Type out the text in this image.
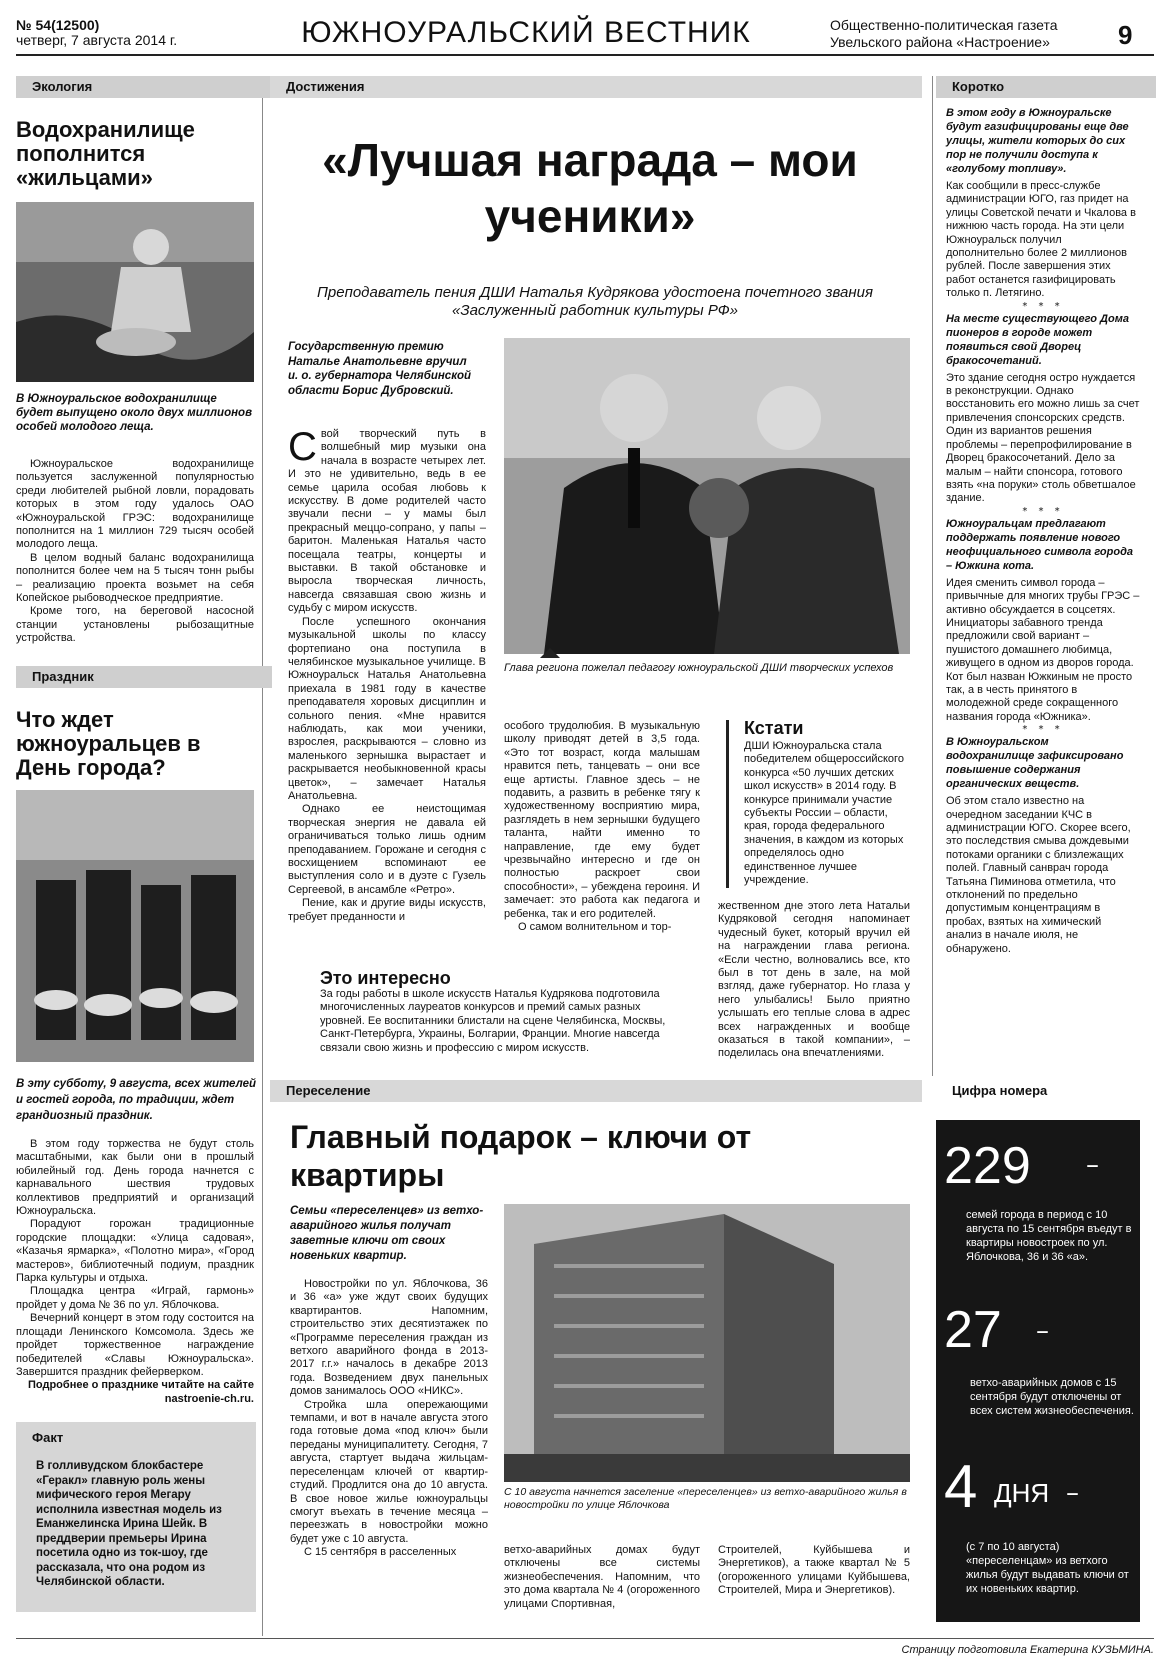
№ 54(12500)
четверг, 7 августа 2014 г.	ЮЖНОУРАЛЬСКИЙ ВЕСТНИК	Общественно-политическая газета
Увельского района «Настроение»	9
Экология
Водохранилище пополнится «жильцами»
В Южноуральское водохранилище будет выпущено около двух миллионов особей молодого леща.

Южноуральское водохранилище пользуется заслуженной популярностью среди любителей рыбной ловли, порадовать которых в этом году удалось ОАО «Южноуральской ГРЭС: водохранилище пополнится на 1 миллион 729 тысяч особей молодого леща.

В целом водный баланс водохранилища пополнится более чем на 5 тысяч тонн рыбы – реализацию проекта возьмет на себя Копейское рыбоводческое предприятие.

Кроме того, на береговой насосной станции установлены рыбозащитные устройства.

Праздник
Что ждет южноуральцев в День города?
В эту субботу, 9 августа, всех жителей и гостей города, по традиции, ждет грандиозный праздник.

В этом году торжества не будут столь масштабными, как были они в прошлый юбилейный год. День города начнется с карнавального шествия трудовых коллективов предприятий и организаций Южноуральска.

Порадуют горожан традиционные городские площадки: «Улица садовая», «Казачья ярмарка», «Полотно мира», «Город мастеров», библиотечный подиум, праздник Парка культуры и отдыха.

Площадка центра «Играй, гармонь» пройдет у дома № 36 по ул. Яблочкова.

Вечерний концерт в этом году состоится на площади Ленинского Комсомола. Здесь же пройдет торжественное награждение победителей «Славы Южноуральска». Завершится праздник фейерверком.

Подробнее о празднике читайте на сайте nastroenie-ch.ru.
Факт
В голливудском блокбастере «Геракл» главную роль жены мифического героя Мегару исполнила известная модель из Еманжелинска Ирина Шейк. В преддверии премьеры Ирина посетила одно из ток-шоу, где рассказала, что она родом из Челябинской области.
Достижения
«Лучшая награда – мои ученики»
Преподаватель пения ДШИ Наталья Кудрякова удостоена почетного звания «Заслуженный работник культуры РФ»
Государственную премию Наталье Анатольевне вручил и. о. губернатора Челябинской области Борис Дубровский.
Глава региона пожелал педагогу южноуральской ДШИ творческих успехов

Свой творческий путь в волшебный мир музыки она начала в возрасте четырех лет. И это не удивительно, ведь в ее семье царила особая любовь к искусству. В доме родителей часто звучали песни – у мамы был прекрасный меццо-сопрано, у папы – баритон. Маленькая Наталья часто посещала театры, концерты и выставки. В такой обстановке и выросла творческая личность, навсегда связавшая свою жизнь и судьбу с миром искусств.

После успешного окончания музыкальной школы по классу фортепиано она поступила в челябинское музыкальное училище. В Южноуральск Наталья Анатольевна приехала в 1981 году в качестве преподавателя хоровых дисциплин и сольного пения. «Мне нравится наблюдать, как мои ученики, взрослея, раскрываются – словно из маленького зернышка вырастает и раскрывается необыкновенной красы цветок», – замечает Наталья Анатольевна.

Однако ее неистощимая творческая энергия не давала ей ограничиваться только лишь одним преподаванием. Горожане и сегодня с восхищением вспоминают ее выступления соло и в дуэте с Гузель Сергеевой, в ансамбле «Ретро».

Пение, как и другие виды искусств, требует преданности и

особого трудолюбия. В музыкальную школу приводят детей в 3,5 года. «Это тот возраст, когда малышам нравится петь, танцевать – они все еще артисты. Главное здесь – не подавить, а развить в ребенке тягу к художественному восприятию мира, разглядеть в нем зернышки будущего таланта, найти именно то направление, где ему будет чрезвычайно интересно и где он полностью раскроет свои способности», – убеждена героиня. И замечает: это работа как педагога и ребенка, так и его родителей.

О самом волнительном и тор-

Кстати
ДШИ Южноуральска стала победителем общероссийского конкурса «50 лучших детских школ искусств» в 2014 году. В конкурсе принимали участие субъекты России – области, края, города федерального значения, в каждом из которых определялось одно единственное лучшее учреждение.
жественном дне этого лета Натальи Кудряковой сегодня напоминает чудесный букет, который вручил ей на награждении глава региона. «Если честно, волновались все, кто был в тот день в зале, на мой взгляд, даже губернатор. Но глаза у него улыбались! Было приятно услышать его теплые слова в адрес всех награжденных и вообще оказаться в такой компании», – поделилась она впечатлениями.
Это интересно
За годы работы в школе искусств Наталья Кудрякова подготовила многочисленных лауреатов конкурсов и премий самых разных уровней. Ее воспитанники блистали на сцене Челябинска, Москвы, Санкт-Петербурга, Украины, Болгарии, Франции. Многие навсегда связали свою жизнь и профессию с миром искусств.
Переселение
Главный подарок – ключи от квартиры
Семьи «переселенцев» из ветхо-аварийного жилья получат заветные ключи от своих новеньких квартир.

Новостройки по ул. Яблочкова, 36 и 36 «а» уже ждут своих будущих квартирантов. Напомним, строительство этих десятиэтажек по «Программе переселения граждан из ветхого аварийного фонда в 2013-2017 г.г.» началось в декабре 2013 года. Возведением двух панельных домов занималось ООО «НИКС».

Стройка шла опережающими темпами, и вот в начале августа этого года готовые дома «под ключ» были переданы муниципалитету. Сегодня, 7 августа, стартует выдача жильцам-переселенцам ключей от квартир-студий. Продлится она до 10 августа. В свое новое жилье южноуральцы смогут въехать в течение месяца – переезжать в новостройки можно будет уже с 10 августа.

С 15 сентября в расселенных

С 10 августа начнется заселение «переселенцев» из ветхо-аварийного жилья в новостройки по улице Яблочкова
ветхо-аварийных домах будут отключены все системы жизнеобеспечения. Напомним, что это дома квартала № 4 (огороженного улицами Спортивная,
Строителей, Куйбышева и Энергетиков), а также квартал № 5 (огороженного улицами Куйбышева, Строителей, Мира и Энергетиков).
Коротко
В этом году в Южноуральске будут газифицированы еще две улицы, жители которых до сих пор не получили доступа к «голубому топливу».
Как сообщили в пресс-службе администрации ЮГО, газ придет на улицы Советской печати и Чкалова в нижнюю часть города. На эти цели Южноуральск получил дополнительно более 2 миллионов рублей. После завершения этих работ останется газифицировать только п. Летягино.
* * *
На месте существующего Дома пионеров в городе может появиться свой Дворец бракосочетаний.
Это здание сегодня остро нуждается в реконструкции. Однако восстановить его можно лишь за счет привлечения спонсорских средств. Один из вариантов решения проблемы – перепрофилирование в Дворец бракосочетаний. Дело за малым – найти спонсора, готового взять «на поруки» столь обветшалое здание.
* * *
Южноуральцам предлагают поддержать появление нового неофициального символа города – Южкина кота.
Идея сменить символ города – привычные для многих трубы ГРЭС – активно обсуждается в соцсетях. Инициаторы забавного тренда предложили свой вариант – пушистого домашнего любимца, живущего в одном из дворов города. Кот был назван Южкиным не просто так, а в честь принятого в молодежной среде сокращенного названия города «Южника».
* * *
В Южноуральском водохранилище зафиксировано повышение содержания органических веществ.
Об этом стало известно на очередном заседании КЧС в администрации ЮГО. Скорее всего, это последствия смыва дождевыми потоками органики с близлежащих полей. Главный санврач города Татьяна Пиминова отметила, что отклонений по предельно допустимым концентрациям в пробах, взятых на химический анализ в начале июля, не обнаружено.
Цифра номера
229 –
семей города в период с 10 августа по 15 сентября въедут в квартиры новостроек по ул. Яблочкова, 36 и 36 «а».
27 –
ветхо-аварийных домов с 15 сентября будут отключены от всех систем жизнеобеспечения.
4 ДНЯ –
(с 7 по 10 августа) «переселенцам» из ветхого жилья будут выдавать ключи от их новеньких квартир.
Страницу подготовила Екатерина КУЗЬМИНА.
